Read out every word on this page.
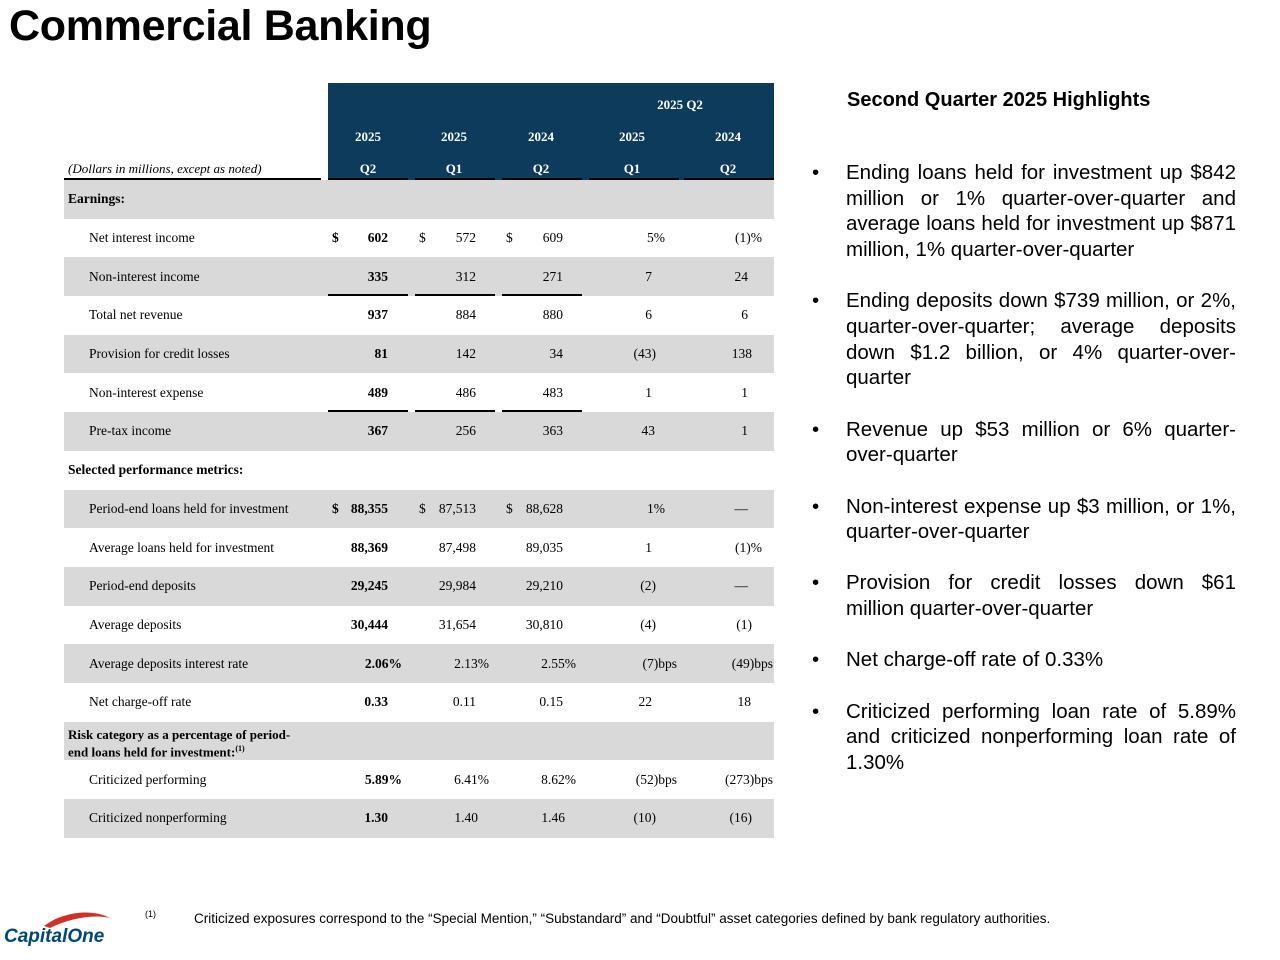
Commercial Banking
2025 Q2
2025	2025	2024	2025	2024
Q2	Q1	Q2	Q1	Q2
(Dollars in millions, except as noted)
Earnings:
Net interest income	$ 602 $ 572 $ 609	5%	(1)%
Non-interest income	335	312	271	7	24
Total net revenue	937	884	880	6	6
Provision for credit losses	81	142	34	(43)	138
Non-interest expense	489	486	483	1	1
Pre-tax income	367	256	363	43	1
Selected performance metrics:
Period-end loans held for investment	$ 88,355 $ 87,513 $ 88,628	1%	—
Average loans held for investment	88,369	87,498	89,035	1	(1)%
Period-end deposits	29,245	29,984	29,210	(2)	—
Average deposits	30,444	31,654	30,810	(4)	(1)
Average deposits interest rate	2.06%	2.13%	2.55%	(7)bps	(49)bps
Net charge-off rate	0.33	0.11	0.15	22	18
Risk category as a percentage of period-
end loans held for investment:$^{(1)}$
Criticized performing	5.89%	6.41%	8.62%	(52)bps	(273)bps
Criticized nonperforming	1.30	1.40	1.46	(10)	(16)
Second Quarter 2025 Highlights
• Ending loans held for investment up $842 million or 1% quarter-over-quarter and average loans held for investment up $871 million, 1% quarter-over-quarter
• Ending deposits down $739 million, or 2%, quarter-over-quarter; average deposits down $1.2 billion, or 4% quarter-over-quarter
• Revenue up $53 million or 6% quarter-over-quarter
• Non-interest expense up $3 million, or 1%, quarter-over-quarter
• Provision for credit losses down $61 million quarter-over-quarter
• Net charge-off rate of 0.33%
• Criticized performing loan rate of 5.89% and criticized nonperforming loan rate of 1.30%
CapitalOne
(1)	Criticized exposures correspond to the “Special Mention,” “Substandard” and “Doubtful” asset categories defined by bank regulatory authorities.
